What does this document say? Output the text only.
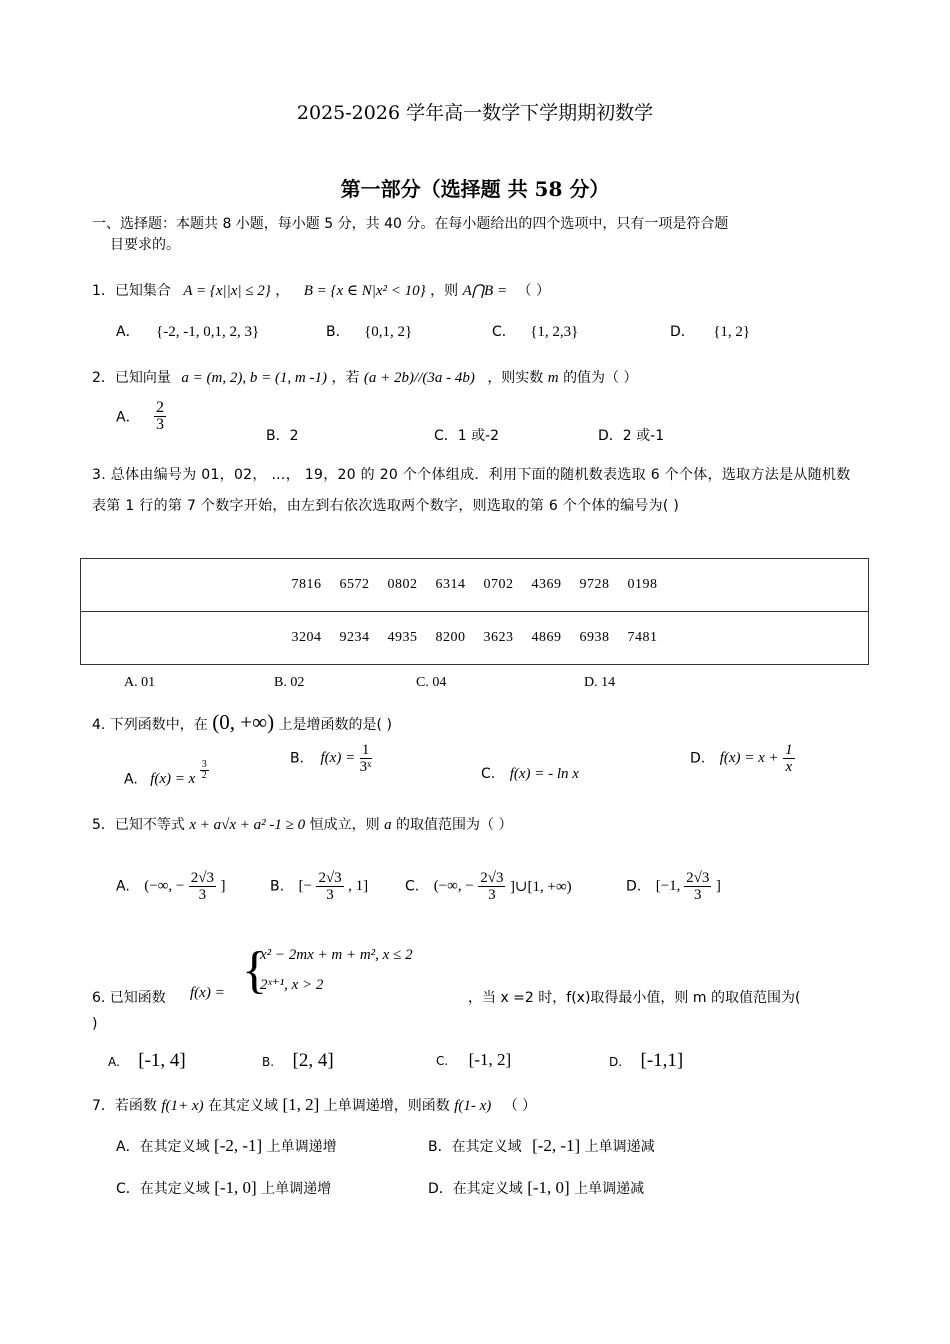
2025-2026 学年高一数学下学期期初数学
第一部分（选择题 共 58 分）
一、选择题：本题共 8 小题，每小题 5 分，共 40 分。在每小题给出的四个选项中，只有一项是符合题
目要求的。
1．已知集合 A = {x||x| ≤ 2} ， B = {x ∈ N|x² < 10} ，则 A⋂B = （ ）
A． {-2, -1, 0,1, 2, 3}	B． {0,1, 2}	C． {1, 2,3}	D． {1, 2}
2．已知向量 a = (m, 2), b = (1, m -1) ，若 (a + 2b)//(3a - 4b) ，则实数 m 的值为（ ）
A． $\frac{2}{3}$
B．2	C．1 或-2	D．2 或-1
3. 总体由编号为 01，02， …， 19，20 的 20 个个体组成．利用下面的随机数表选取 6 个个体，选取方法是从随机数表第 1 行的第 7 个数字开始，由左到右依次选取两个数字，则选取的第 6 个个体的编号为( )
7816 6572 0802 6314 0702 4369 9728 0198
3204 9234 4935 8200 3623 4869 6938 7481
A. 01	B. 02	C. 04	D. 14
4. 下列函数中，在 (0, +∞) 上是增函数的是( )
A. f(x) = x $\frac{3}{2}$
B. $f(x) = \frac{1}{\text{3ˣ}}$	C. f(x) = - ln x
D. $f(x) = x + \frac{1}{x}$
5．已知不等式 x + a√x + a² -1 ≥ 0 恒成立，则 a 的取值范围为（ ）
A. (−∞, − $\frac{2√3}{3}$ ]	B. [− $\frac{2√3}{3}$ , 1]	C. (−∞, − $\frac{2√3}{3}$ ]∪[1, +∞)	D. [−1, $\frac{2√3}{3}$ ]
6. 已知函数 f(x) = {
x² − 2mx + m + m², x ≤ 2
2ˣ⁺¹, x > 2
，当 x =2 时，f(x)取得最小值，则 m 的取值范围为(
)
A. [-1, 4]	B. [2, 4]	C. [-1, 2]	D. [-1,1]
7．若函数 f(1+ x) 在其定义域 [1, 2] 上单调递增，则函数 f(1- x) （ ）
A．在其定义域 [-2, -1] 上单调递增	B．在其定义域 [-2, -1] 上单调递减
C．在其定义域 [-1, 0] 上单调递增	D．在其定义域 [-1, 0] 上单调递减
